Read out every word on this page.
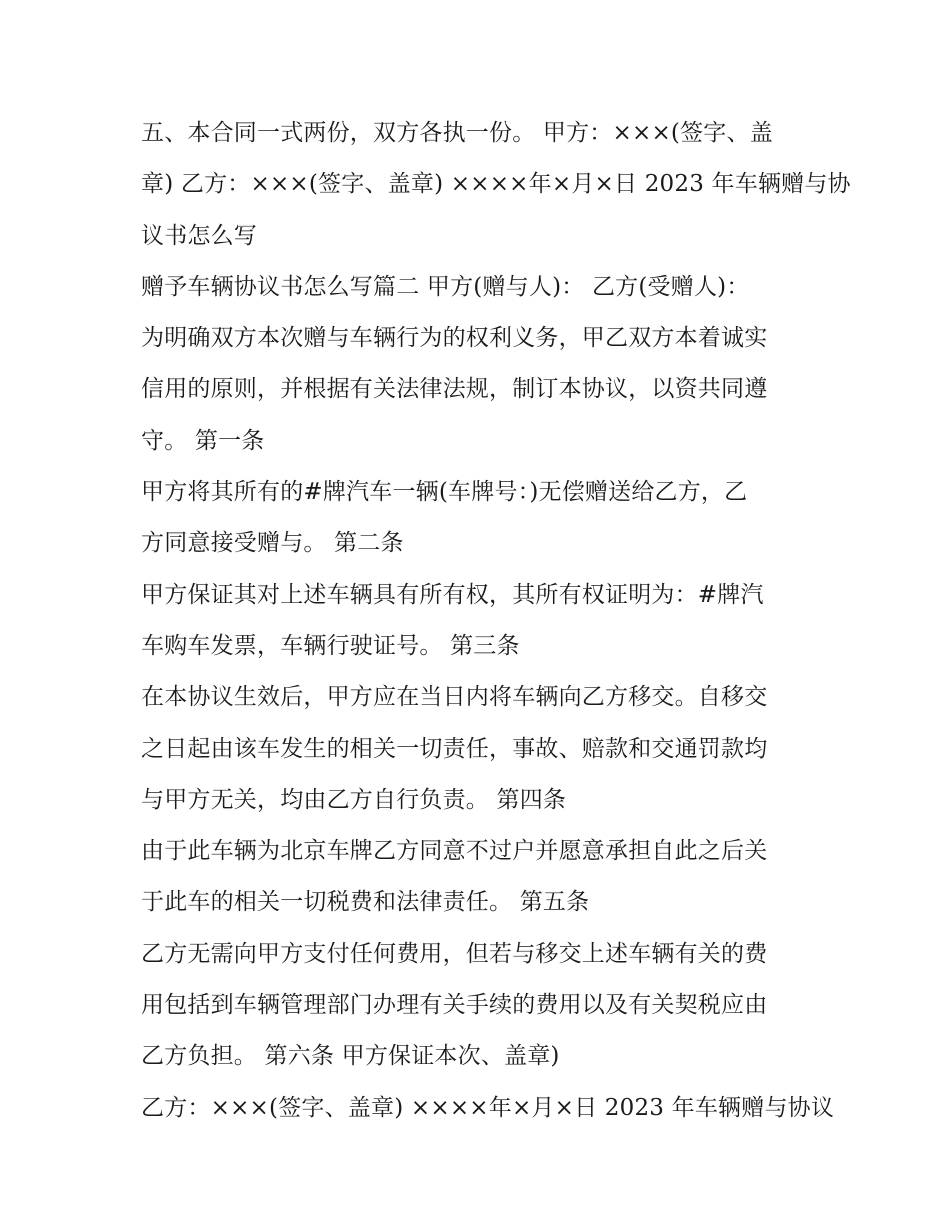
五、本合同一式两份，双方各执一份。 甲方：×××(签字、盖
章) 乙方：×××(签字、盖章) ××××年×月×日 2023 年车辆赠与协
议书怎么写
赠予车辆协议书怎么写篇二 甲方(赠与人)： 乙方(受赠人)：
为明确双方本次赠与车辆行为的权利义务，甲乙双方本着诚实
信用的原则，并根据有关法律法规，制订本协议，以资共同遵
守。 第一条
甲方将其所有的#牌汽车一辆(车牌号：)无偿赠送给乙方，乙
方同意接受赠与。 第二条
甲方保证其对上述车辆具有所有权，其所有权证明为：#牌汽
车购车发票，车辆行驶证号。 第三条
在本协议生效后，甲方应在当日内将车辆向乙方移交。自移交
之日起由该车发生的相关一切责任，事故、赔款和交通罚款均
与甲方无关，均由乙方自行负责。 第四条
由于此车辆为北京车牌乙方同意不过户并愿意承担自此之后关
于此车的相关一切税费和法律责任。 第五条
乙方无需向甲方支付任何费用，但若与移交上述车辆有关的费
用包括到车辆管理部门办理有关手续的费用以及有关契税应由
乙方负担。 第六条 甲方保证本次、盖章)
乙方：×××(签字、盖章) ××××年×月×日 2023 年车辆赠与协议
